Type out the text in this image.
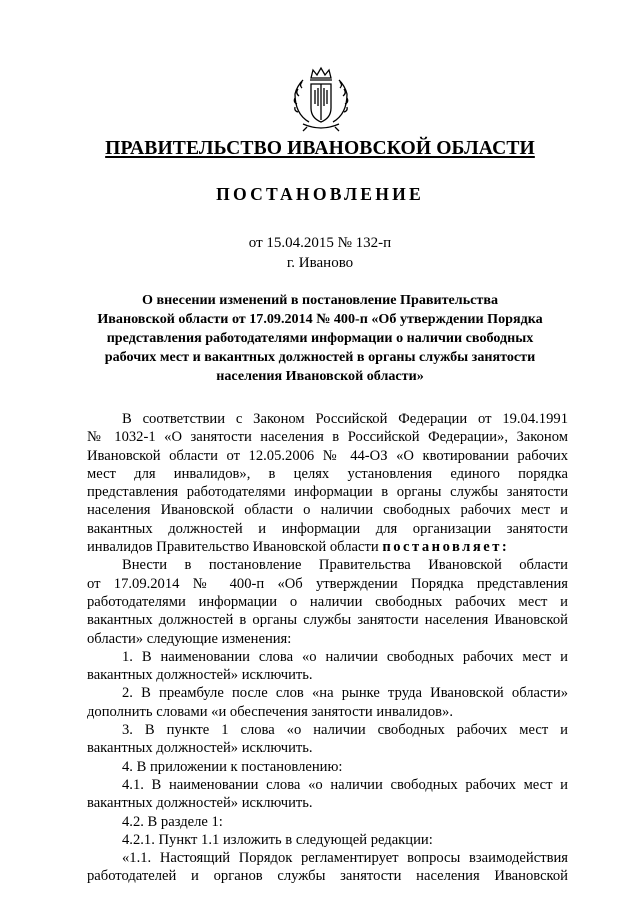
ПРАВИТЕЛЬСТВО ИВАНОВСКОЙ ОБЛАСТИ
ПОСТАНОВЛЕНИЕ
от 15.04.2015 № 132-п
г. Иваново
О внесении изменений в постановление Правительства
Ивановской области от 17.09.2014 № 400-п «Об утверждении Порядка
представления работодателями информации о наличии свободных
рабочих мест и вакантных должностей в органы службы занятости
населения Ивановской области»
В соответствии с Законом Российской Федерации от 19.04.1991
№ 1032-1 «О занятости населения в Российской Федерации», Законом
Ивановской области от 12.05.2006 № 44-ОЗ «О квотировании рабочих
мест для инвалидов», в целях установления единого порядка
представления работодателями информации в органы службы занятости
населения Ивановской области о наличии свободных рабочих мест и
вакантных должностей и информации для организации занятости
инвалидов Правительство Ивановской области постановляет:
Внести в постановление Правительства Ивановской области
от 17.09.2014 № 400-п «Об утверждении Порядка представления
работодателями информации о наличии свободных рабочих мест и
вакантных должностей в органы службы занятости населения Ивановской
области» следующие изменения:
1. В наименовании слова «о наличии свободных рабочих мест и
вакантных должностей» исключить.
2. В преамбуле после слов «на рынке труда Ивановской области»
дополнить словами «и обеспечения занятости инвалидов».
3. В пункте 1 слова «о наличии свободных рабочих мест и
вакантных должностей» исключить.
4. В приложении к постановлению:
4.1. В наименовании слова «о наличии свободных рабочих мест и
вакантных должностей» исключить.
4.2. В разделе 1:
4.2.1. Пункт 1.1 изложить в следующей редакции:
«1.1. Настоящий Порядок регламентирует вопросы взаимодействия
работодателей и органов службы занятости населения Ивановской
